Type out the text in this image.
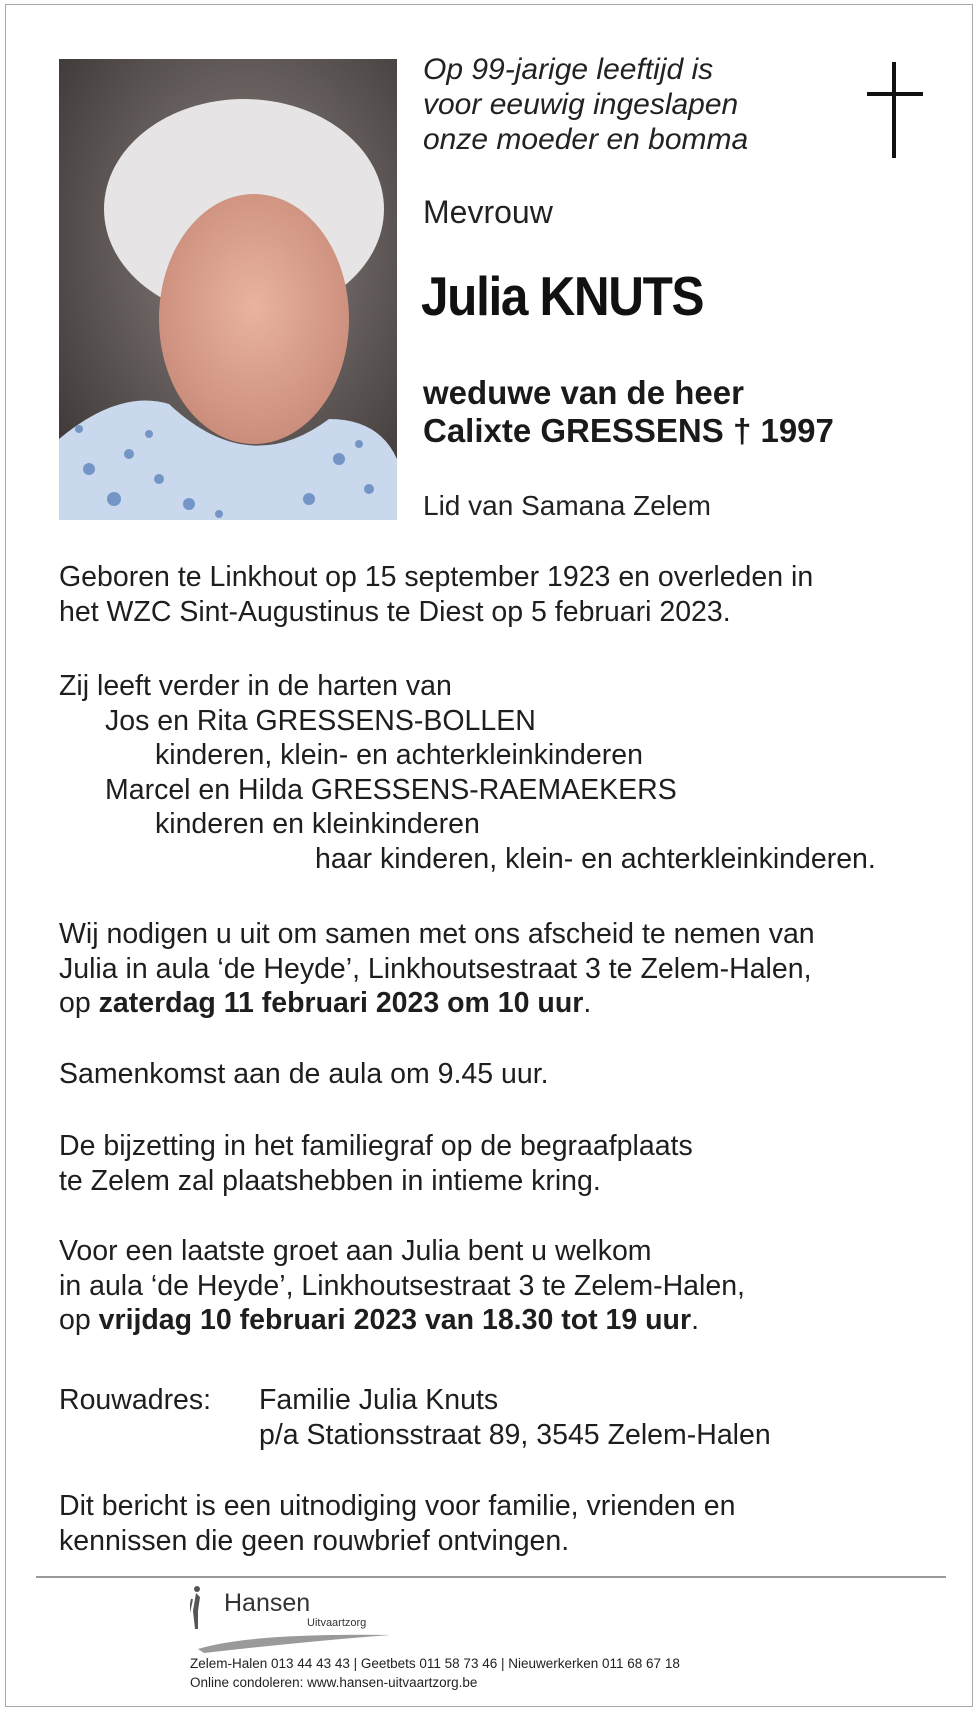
Op 99-jarige leeftijd is
voor eeuwig ingeslapen
onze moeder en bomma

Mevrouw
Julia KNUTS
weduwe van de heer
Calixte GRESSENS † 1997
Lid van Samana Zelem

Geboren te Linkhout op 15 september 1923 en overleden in

het WZC Sint-Augustinus te Diest op 5 februari 2023.

Zij leeft verder in de harten van

Jos en Rita GRESSENS-BOLLEN

kinderen, klein- en achterkleinkinderen

Marcel en Hilda GRESSENS-RAEMAEKERS

kinderen en kleinkinderen

haar kinderen, klein- en achterkleinkinderen.

Wij nodigen u uit om samen met ons afscheid te nemen van

Julia in aula ‘de Heyde’, Linkhoutsestraat 3 te Zelem-Halen,

op zaterdag 11 februari 2023 om 10 uur.

Samenkomst aan de aula om 9.45 uur.

De bijzetting in het familiegraf op de begraafplaats

te Zelem zal plaatshebben in intieme kring.

Voor een laatste groet aan Julia bent u welkom

in aula ‘de Heyde’, Linkhoutsestraat 3 te Zelem-Halen,

op vrijdag 10 februari 2023 van 18.30 tot 19 uur.

Rouwadres:	Familie Julia Knuts
p/a Stationsstraat 89, 3545 Zelem-Halen

Dit bericht is een uitnodiging voor familie, vrienden en

kennissen die geen rouwbrief ontvingen.

Hansen
Uitvaartzorg
Zelem-Halen 013 44 43 43 | Geetbets 011 58 73 46 | Nieuwerkerken 011 68 67 18
Online condoleren: www.hansen-uitvaartzorg.be
